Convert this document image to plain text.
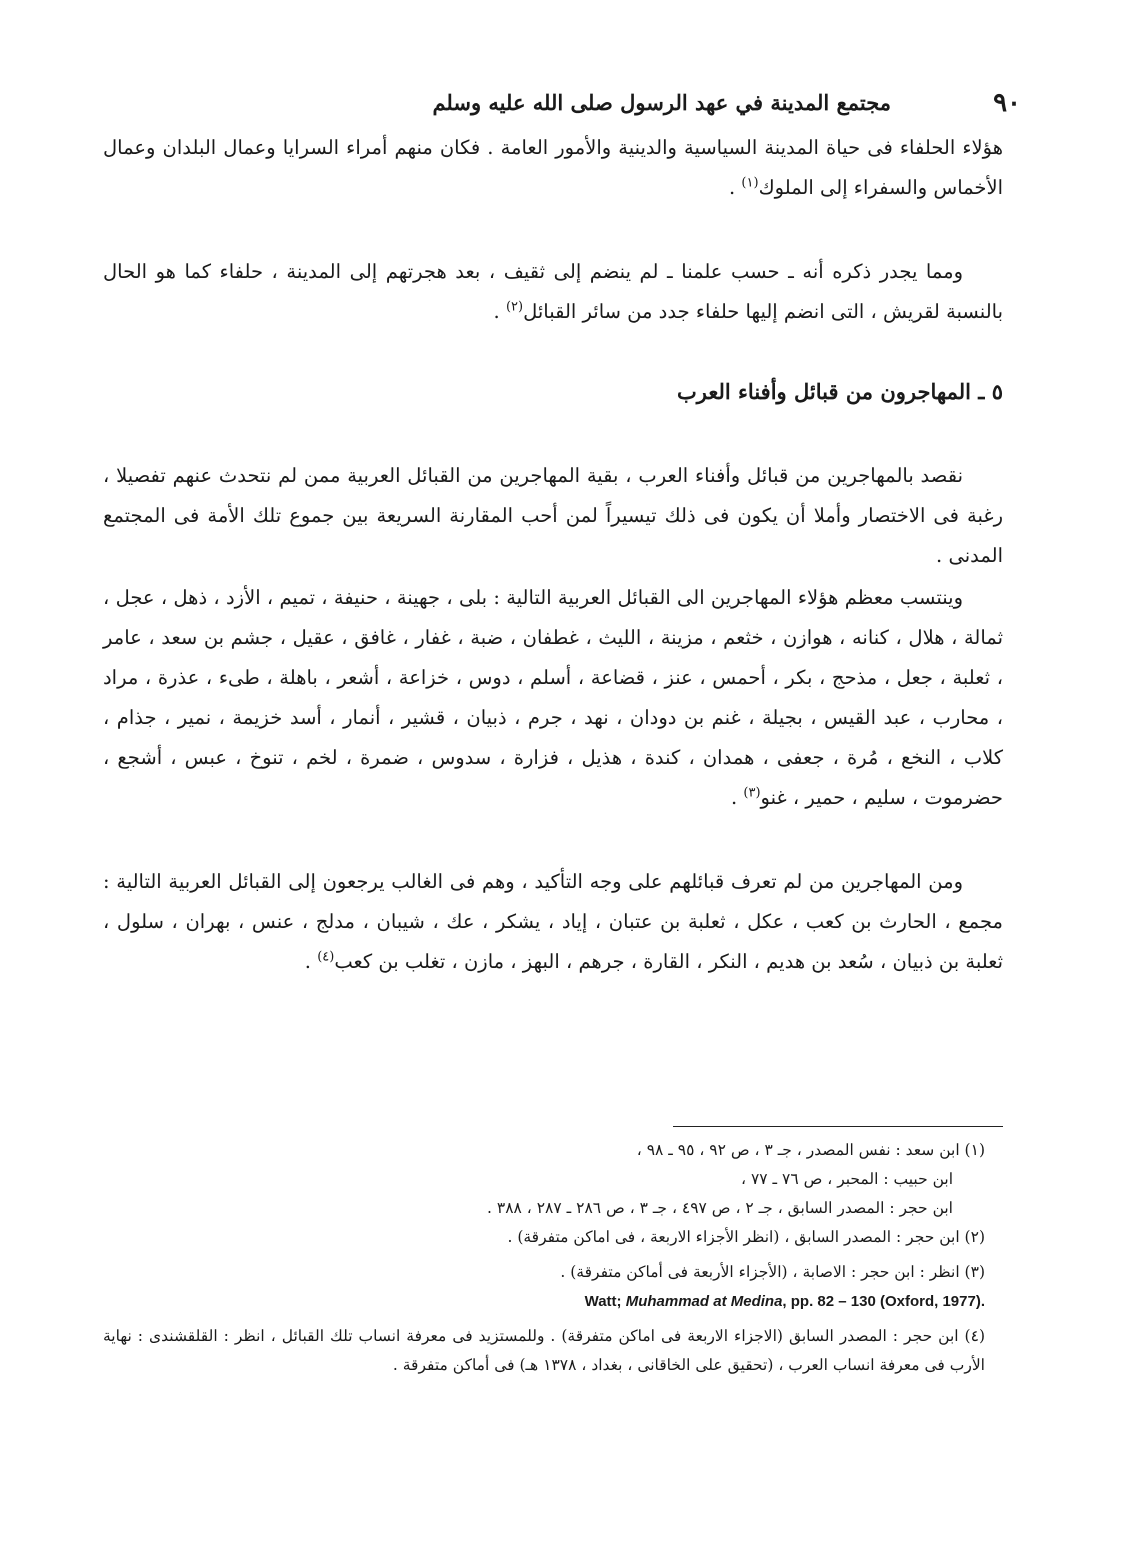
٩٠
مجتمع المدينة في عهد الرسول صلى الله عليه وسلم
هؤلاء الحلفاء فى حياة المدينة السياسية والدينية والأمور العامة . فكان منهم أمراء السرايا وعمال البلدان وعمال الأخماس والسفراء إلى الملوك$^{(١)}$ .
ومما يجدر ذكره أنه ـ حسب علمنا ـ لم ينضم إلى ثقيف ، بعد هجرتهم إلى المدينة ، حلفاء كما هو الحال بالنسبة لقريش ، التى انضم إليها حلفاء جدد من سائر القبائل$^{(٢)}$ .
٥ ـ المهاجرون من قبائل وأفناء العرب
نقصد بالمهاجرين من قبائل وأفناء العرب ، بقية المهاجرين من القبائل العربية ممن لم نتحدث عنهم تفصيلا ، رغبة فى الاختصار وأملا أن يكون فى ذلك تيسيراً لمن أحب المقارنة السريعة بين جموع تلك الأمة فى المجتمع المدنى .
وينتسب معظم هؤلاء المهاجرين الى القبائل العربية التالية : بلى ، جهينة ، حنيفة ، تميم ، الأزد ، ذهل ، عجل ، ثمالة ، هلال ، كنانه ، هوازن ، خثعم ، مزينة ، الليث ، غطفان ، ضبة ، غفار ، غافق ، عقيل ، جشم بن سعد ، عامر ، ثعلبة ، جعل ، مذحج ، بكر ، أحمس ، عنز ، قضاعة ، أسلم ، دوس ، خزاعة ، أشعر ، باهلة ، طىء ، عذرة ، مراد ، محارب ، عبد القيس ، بجيلة ، غنم بن دودان ، نهد ، جرم ، ذبيان ، قشير ، أنمار ، أسد خزيمة ، نمير ، جذام ، كلاب ، النخع ، مُرة ، جعفى ، همدان ، كندة ، هذيل ، فزارة ، سدوس ، ضمرة ، لخم ، تنوخ ، عبس ، أشجع ، حضرموت ، سليم ، حمير ، غنو$^{(٣)}$ .
ومن المهاجرين من لم تعرف قبائلهم على وجه التأكيد ، وهم فى الغالب يرجعون إلى القبائل العربية التالية : مجمع ، الحارث بن كعب ، عكل ، ثعلبة بن عتبان ، إياد ، يشكر ، عك ، شيبان ، مدلج ، عنس ، بهران ، سلول ، ثعلبة بن ذبيان ، سُعد بن هديم ، النكر ، القارة ، جرهم ، البهز ، مازن ، تغلب بن كعب$^{(٤)}$ .
(١) ابن سعد : نفس المصدر ، جـ ٣ ، ص ٩٢ ، ٩٥ ـ ٩٨ ،
ابن حبيب : المحبر ، ص ٧٦ ـ ٧٧ ،
ابن حجر : المصدر السابق ، جـ ٢ ، ص ٤٩٧ ، جـ ٣ ، ص ٢٨٦ ـ ٢٨٧ ، ٣٨٨ .
(٢) ابن حجر : المصدر السابق ، (انظر الأجزاء الاربعة ، فى اماكن متفرقة) .
(٣) انظر : ابن حجر : الاصابة ، (الأجزاء الأربعة فى أماكن متفرقة) .
Watt; Muhammad at Medina, pp. 82 – 130 (Oxford, 1977).
(٤) ابن حجر : المصدر السابق (الاجزاء الاربعة فى اماكن متفرقة) . وللمستزيد فى معرفة انساب تلك القبائل ، انظر : القلقشندى : نهاية الأرب فى معرفة انساب العرب ، (تحقيق على الخاقانى ، بغداد ، ١٣٧٨ هـ) فى أماكن متفرقة .
